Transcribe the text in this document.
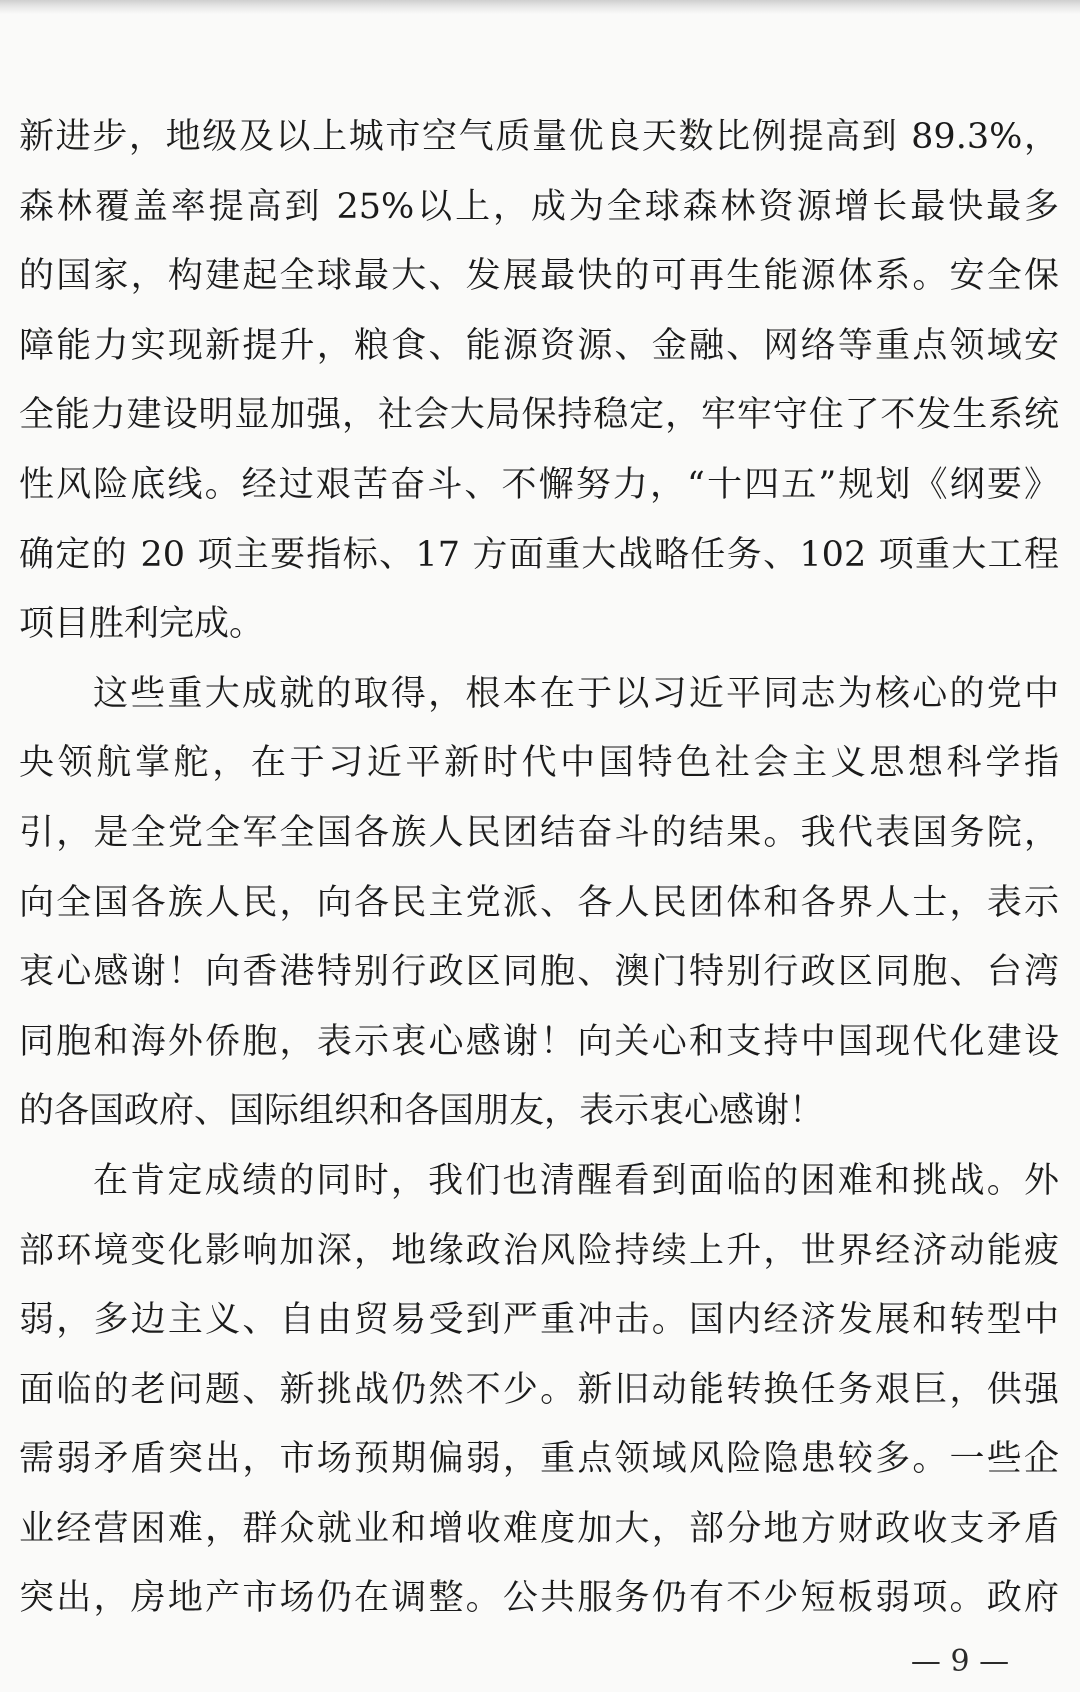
新进步，地级及以上城市空气质量优良天数比例提高到 89.3%，
森林覆盖率提高到 25%以上，成为全球森林资源增长最快最多
的国家，构建起全球最大、发展最快的可再生能源体系。安全保
障能力实现新提升，粮食、能源资源、金融、网络等重点领域安
全能力建设明显加强，社会大局保持稳定，牢牢守住了不发生系统
性风险底线。经过艰苦奋斗、不懈努力，“十四五”规划《纲要》
确定的 20 项主要指标、17 方面重大战略任务、102 项重大工程
项目胜利完成。
这些重大成就的取得，根本在于以习近平同志为核心的党中
央领航掌舵，在于习近平新时代中国特色社会主义思想科学指
引，是全党全军全国各族人民团结奋斗的结果。我代表国务院，
向全国各族人民，向各民主党派、各人民团体和各界人士，表示
衷心感谢！向香港特别行政区同胞、澳门特别行政区同胞、台湾
同胞和海外侨胞，表示衷心感谢！向关心和支持中国现代化建设
的各国政府、国际组织和各国朋友，表示衷心感谢！
在肯定成绩的同时，我们也清醒看到面临的困难和挑战。外
部环境变化影响加深，地缘政治风险持续上升，世界经济动能疲
弱，多边主义、自由贸易受到严重冲击。国内经济发展和转型中
面临的老问题、新挑战仍然不少。新旧动能转换任务艰巨，供强
需弱矛盾突出，市场预期偏弱，重点领域风险隐患较多。一些企
业经营困难，群众就业和增收难度加大，部分地方财政收支矛盾
突出，房地产市场仍在调整。公共服务仍有不少短板弱项。政府
— 9 —
